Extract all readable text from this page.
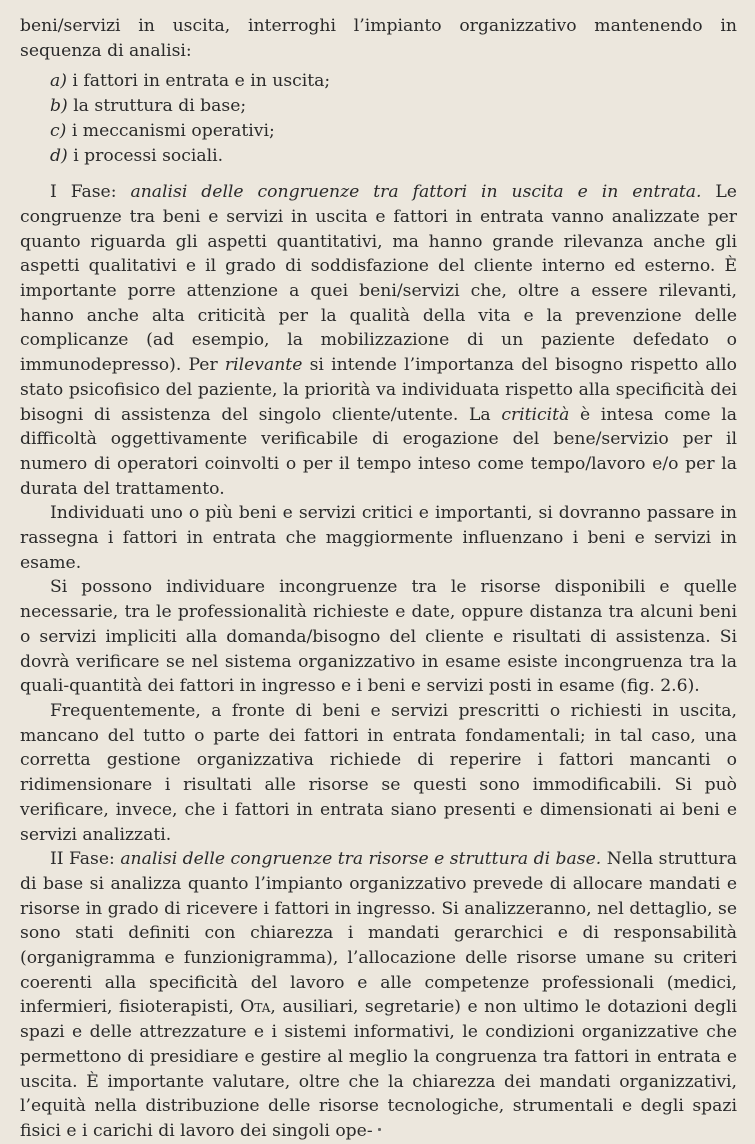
beni/servizi in uscita, interroghi l’impianto organizzativo mantenendo in sequenza di analisi:

a) i fattori in entrata e in uscita;
b) la struttura di base;
c) i meccanismi operativi;
d) i processi sociali.

I Fase: analisi delle congruenze tra fattori in uscita e in entrata. Le congruenze tra beni e servizi in uscita e fattori in entrata vanno analizzate per quanto riguarda gli aspetti quantitativi, ma hanno grande rilevanza anche gli aspetti qualitativi e il grado di soddisfazione del cliente interno ed esterno. È importante porre attenzione a quei beni/servizi che, oltre a essere rilevanti, hanno anche alta criticità per la qualità della vita e la prevenzione delle complicanze (ad esempio, la mobilizzazione di un paziente defedato o immunodepresso). Per rilevante si intende l’importanza del bisogno rispetto allo stato psicofisico del paziente, la priorità va individuata rispetto alla specificità dei bisogni di assistenza del singolo cliente/utente. La criticità è intesa come la difficoltà oggettivamente verificabile di erogazione del bene/servizio per il numero di operatori coinvolti o per il tempo inteso come tempo/lavoro e/o per la durata del trattamento.

Individuati uno o più beni e servizi critici e importanti, si dovranno passare in rassegna i fattori in entrata che maggiormente influenzano i beni e servizi in esame.

Si possono individuare incongruenze tra le risorse disponibili e quelle necessarie, tra le professionalità richieste e date, oppure distanza tra alcuni beni o servizi impliciti alla domanda/bisogno del cliente e risultati di assistenza. Si dovrà verificare se nel sistema organizzativo in esame esiste incongruenza tra la quali-quantità dei fattori in ingresso e i beni e servizi posti in esame (fig. 2.6).

Frequentemente, a fronte di beni e servizi prescritti o richiesti in uscita, mancano del tutto o parte dei fattori in entrata fondamentali; in tal caso, una corretta gestione organizzativa richiede di reperire i fattori mancanti o ridimensionare i risultati alle risorse se questi sono immodificabili. Si può verificare, invece, che i fattori in entrata siano presenti e dimensionati ai beni e servizi analizzati.

II Fase: analisi delle congruenze tra risorse e struttura di base. Nella struttura di base si analizza quanto l’impianto organizzativo prevede di allocare mandati e risorse in grado di ricevere i fattori in ingresso. Si analizzeranno, nel dettaglio, se sono stati definiti con chiarezza i mandati gerarchici e di responsabilità (organigramma e funzionigramma), l’allocazione delle risorse umane su criteri coerenti alla specificità del lavoro e alle competenze professionali (medici, infermieri, fisioterapisti, Ota, ausiliari, segretarie) e non ultimo le dotazioni degli spazi e delle attrezzature e i sistemi informativi, le condizioni organizzative che permettono di presidiare e gestire al meglio la congruenza tra fattori in entrata e uscita. È importante valutare, oltre che la chiarezza dei mandati organizzativi, l’equità nella distribuzione delle risorse tecnologiche, strumentali e degli spazi fisici e i carichi di lavoro dei singoli ope-
